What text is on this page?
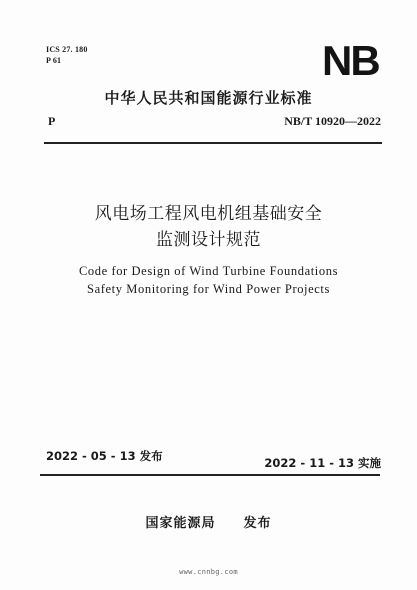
ICS 27. 180
P 61	NB
中华人民共和国能源行业标准
P	NB/T 10920—2022
风电场工程风电机组基础安全
监测设计规范
Code for Design of Wind Turbine Foundations
Safety Monitoring for Wind Power Projects
2022 - 05 - 13 发布	2022 - 11 - 13 实施
国家能源局　　发布
www.cnnbg.com
